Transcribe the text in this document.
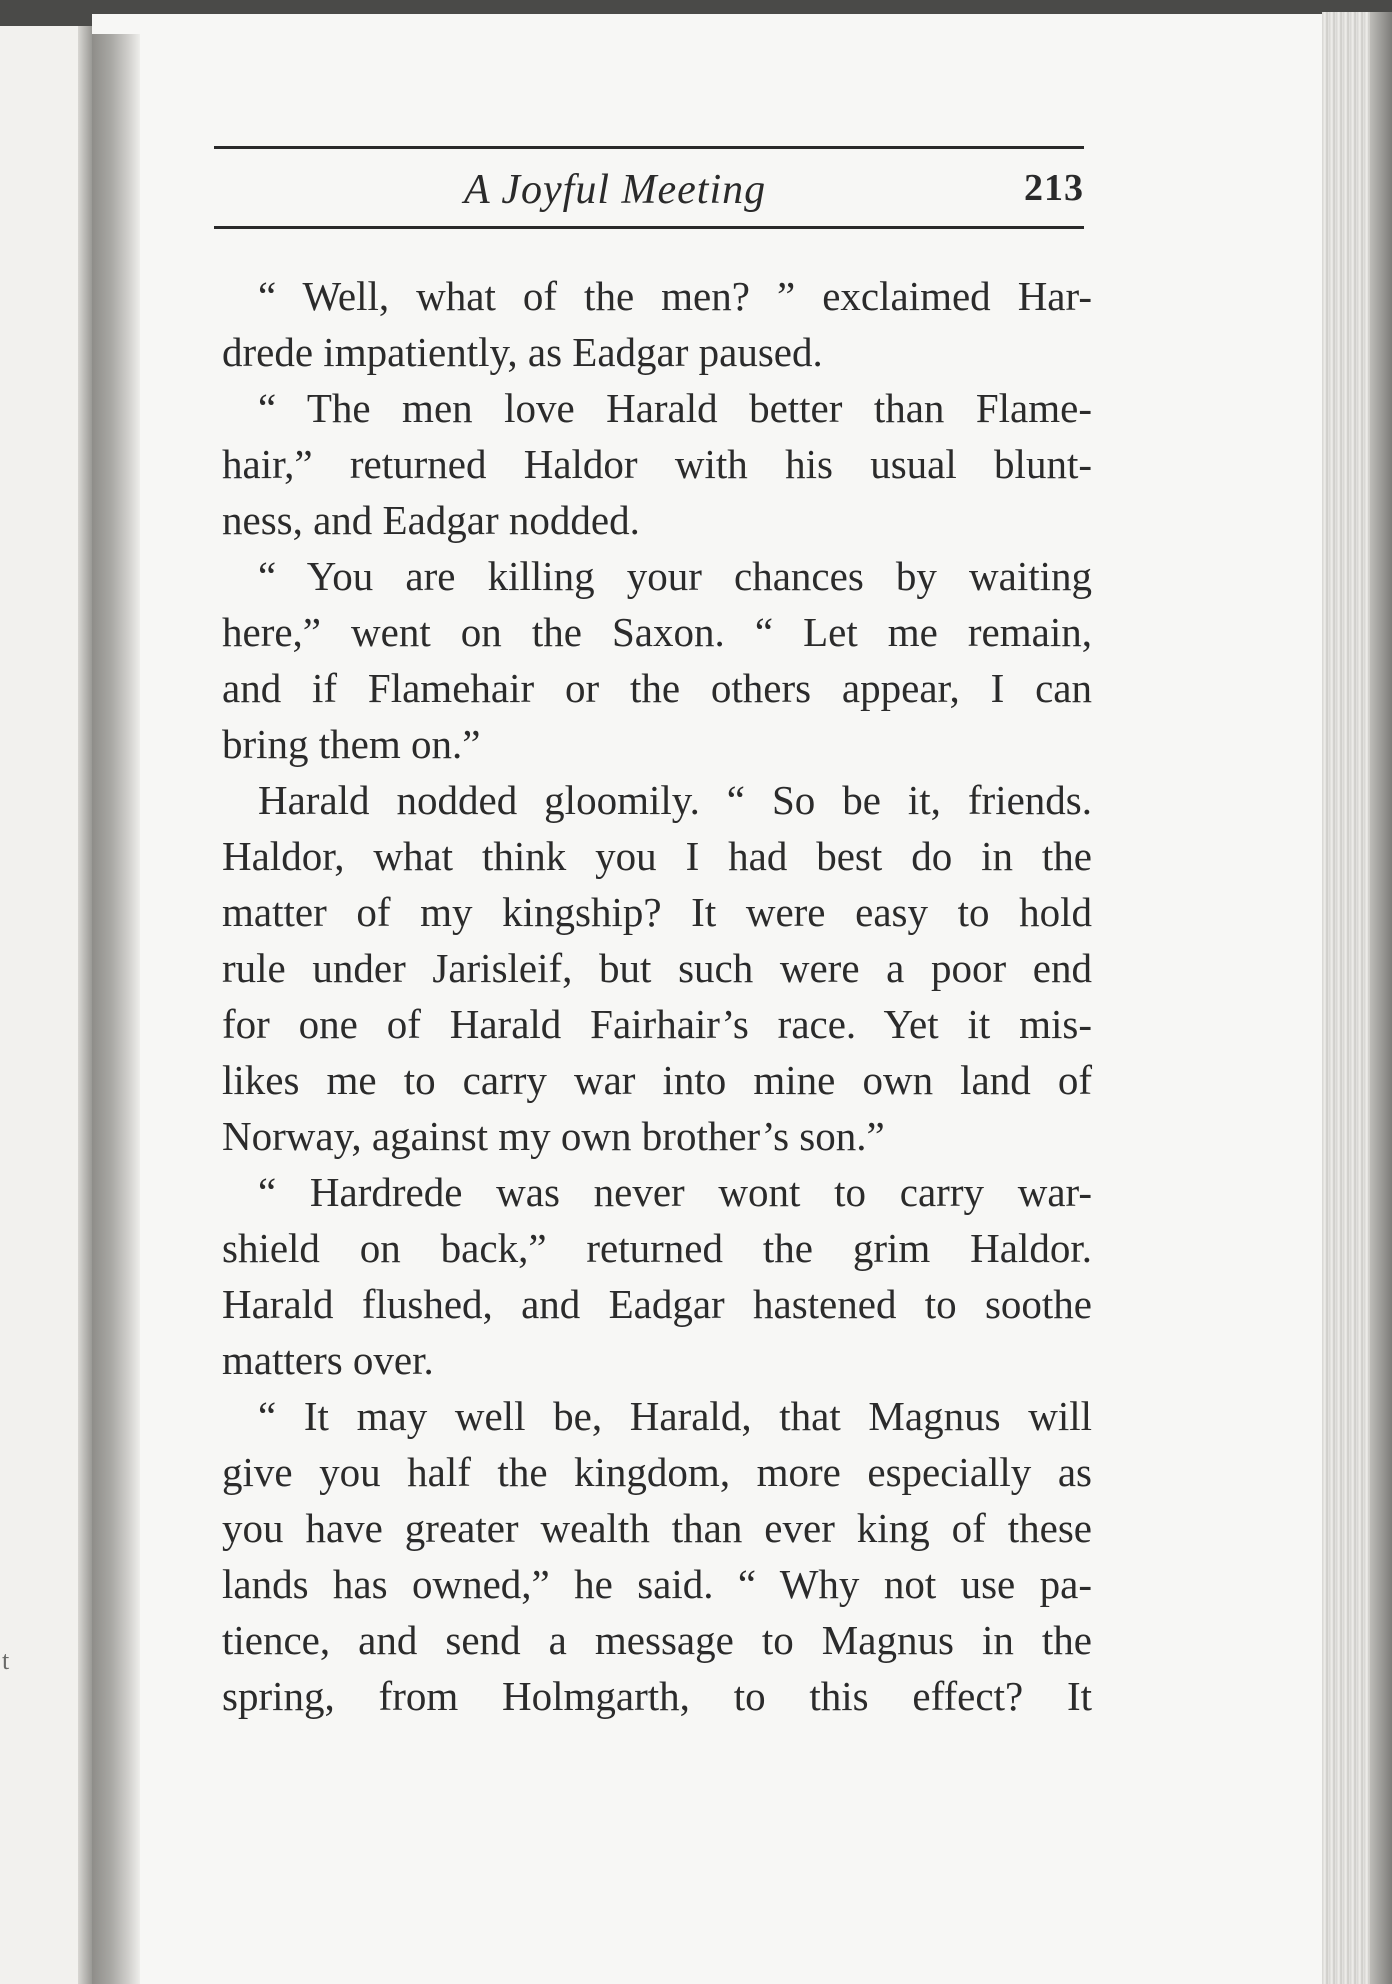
t
A Joyful Meeting	213
“ Well, what of the men? ” exclaimed Har-
drede impatiently, as Eadgar paused.
“ The men love Harald better than Flame-
hair,” returned Haldor with his usual blunt-
ness, and Eadgar nodded.
“ You are killing your chances by waiting
here,” went on the Saxon. “ Let me remain,
and if Flamehair or the others appear, I can
bring them on.”
Harald nodded gloomily. “ So be it, friends.
Haldor, what think you I had best do in the
matter of my kingship? It were easy to hold
rule under Jarisleif, but such were a poor end
for one of Harald Fairhair’s race. Yet it mis-
likes me to carry war into mine own land of
Norway, against my own brother’s son.”
“ Hardrede was never wont to carry war-
shield on back,” returned the grim Haldor.
Harald flushed, and Eadgar hastened to soothe
matters over.
“ It may well be, Harald, that Magnus will
give you half the kingdom, more especially as
you have greater wealth than ever king of these
lands has owned,” he said. “ Why not use pa-
tience, and send a message to Magnus in the
spring, from Holmgarth, to this effect? It
